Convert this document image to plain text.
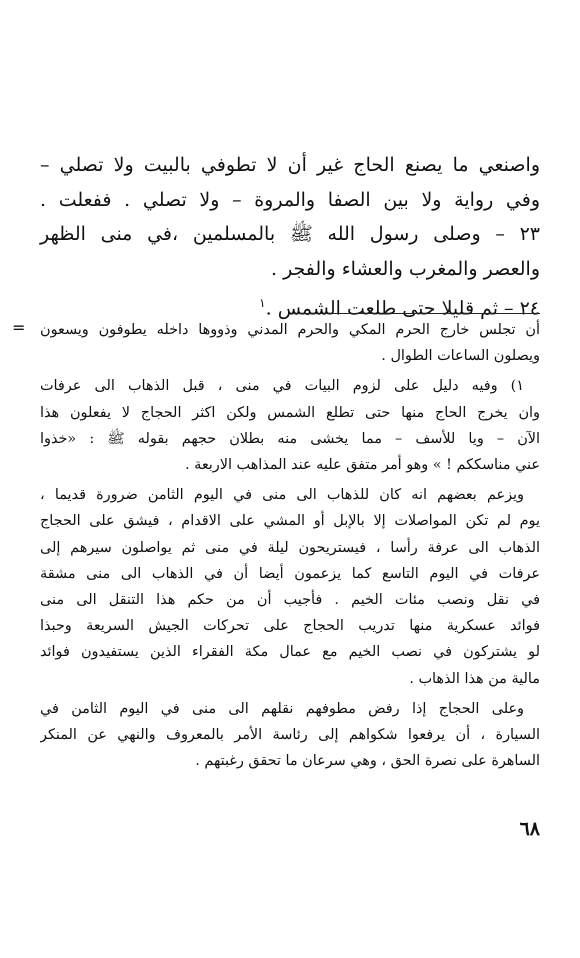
واصنعي ما يصنع الحاج غير أن لا تطوفي بالبيت ولا تصلي –
وفي رواية ولا بين الصفا والمروة – ولا تصلي . ففعلت .
٢٣ – وصلى رسول الله ﷺ بالمسلمين ،في منى الظهر
والعصر والمغرب والعشاء والفجر .
٢٤ – ثم قليلا حتى طلعت الشمس .$^١$
= أن تجلس خارج الحرم المكي والحرم المدني وذووها داخله يطوفون ويسعون
ويصلون الساعات الطوال .
١) وفيه دليل على لزوم البيات في منى ، قبل الذهاب الى عرفات
وان يخرج الحاج منها حتى تطلع الشمس ولكن اكثر الحجاج لا يفعلون هذا
الآن – ويا للأسف – مما يخشى منه بطلان حجهم بقوله ﷺ : «خذوا
عني مناسككم ! » وهو أمر متفق عليه عند المذاهب الاربعة .
ويزعم بعضهم انه كان للذهاب الى منى في اليوم الثامن ضرورة قديما ،
يوم لم تكن المواصلات إلا بالإبل أو المشي على الاقدام ، فيشق على الحجاج
الذهاب الى عرفة رأسا ، فيستريحون ليلة في منى ثم يواصلون سيرهم إلى
عرفات في اليوم التاسع كما يزعمون أيضا أن في الذهاب الى منى مشقة
في نقل ونصب مئات الخيم . فأجيب أن من حكم هذا التنقل الى منى
فوائد عسكرية منها تدريب الحجاج على تحركات الجيش السريعة وحبذا
لو يشتركون في نصب الخيم مع عمال مكة الفقراء الذين يستفيدون فوائد
مالية من هذا الذهاب .
وعلى الحجاج إذا رفض مطوفهم نقلهم الى منى في اليوم الثامن في
السيارة ، أن يرفعوا شكواهم إلى رئاسة الأمر بالمعروف والنهي عن المنكر
الساهرة على نصرة الحق ، وهي سرعان ما تحقق رغبتهم .
٦٨
